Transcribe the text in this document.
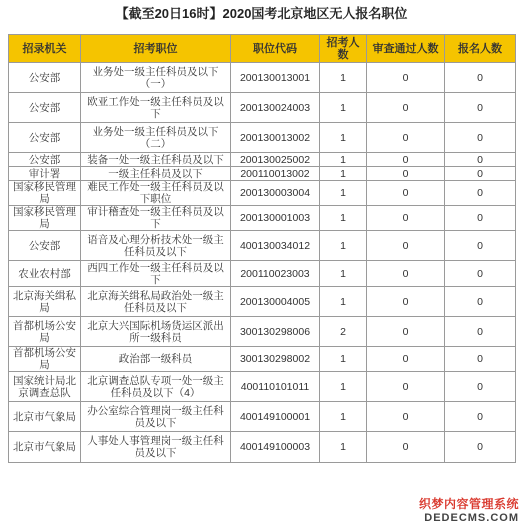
【截至20日16时】2020国考北京地区无人报名职位
招录机关	招考职位	职位代码	招考人数	审查通过人数	报名人数
公安部	业务处一级主任科员及以下（一）	200130013001	1	0	0
公安部	欧亚工作处一级主任科员及以下	200130024003	1	0	0
公安部	业务处一级主任科员及以下（二）	200130013002	1	0	0
公安部	装备一处一级主任科员及以下	200130025002	1	0	0
审计署	一级主任科员及以下	200110013002	1	0	0
国家移民管理局	难民工作处一级主任科员及以下职位	200130003004	1	0	0
国家移民管理局	审计稽查处一级主任科员及以下	200130001003	1	0	0
公安部	语音及心理分析技术处一级主任科员及以下	400130034012	1	0	0
农业农村部	西四工作处一级主任科员及以下	200110023003	1	0	0
北京海关缉私局	北京海关缉私局政治处一级主任科员及以下	200130004005	1	0	0
首都机场公安局	北京大兴国际机场货运区派出所一级科员	300130298006	2	0	0
首都机场公安局	政治部一级科员	300130298002	1	0	0
国家统计局北京调查总队	北京调查总队专项一处一级主任科员及以下（4）	400110101011	1	0	0
北京市气象局	办公室综合管理岗一级主任科员及以下	400149100001	1	0	0
北京市气象局	人事处人事管理岗一级主任科员及以下	400149100003	1	0	0
织梦内容管理系统
DEDECMS.COM
